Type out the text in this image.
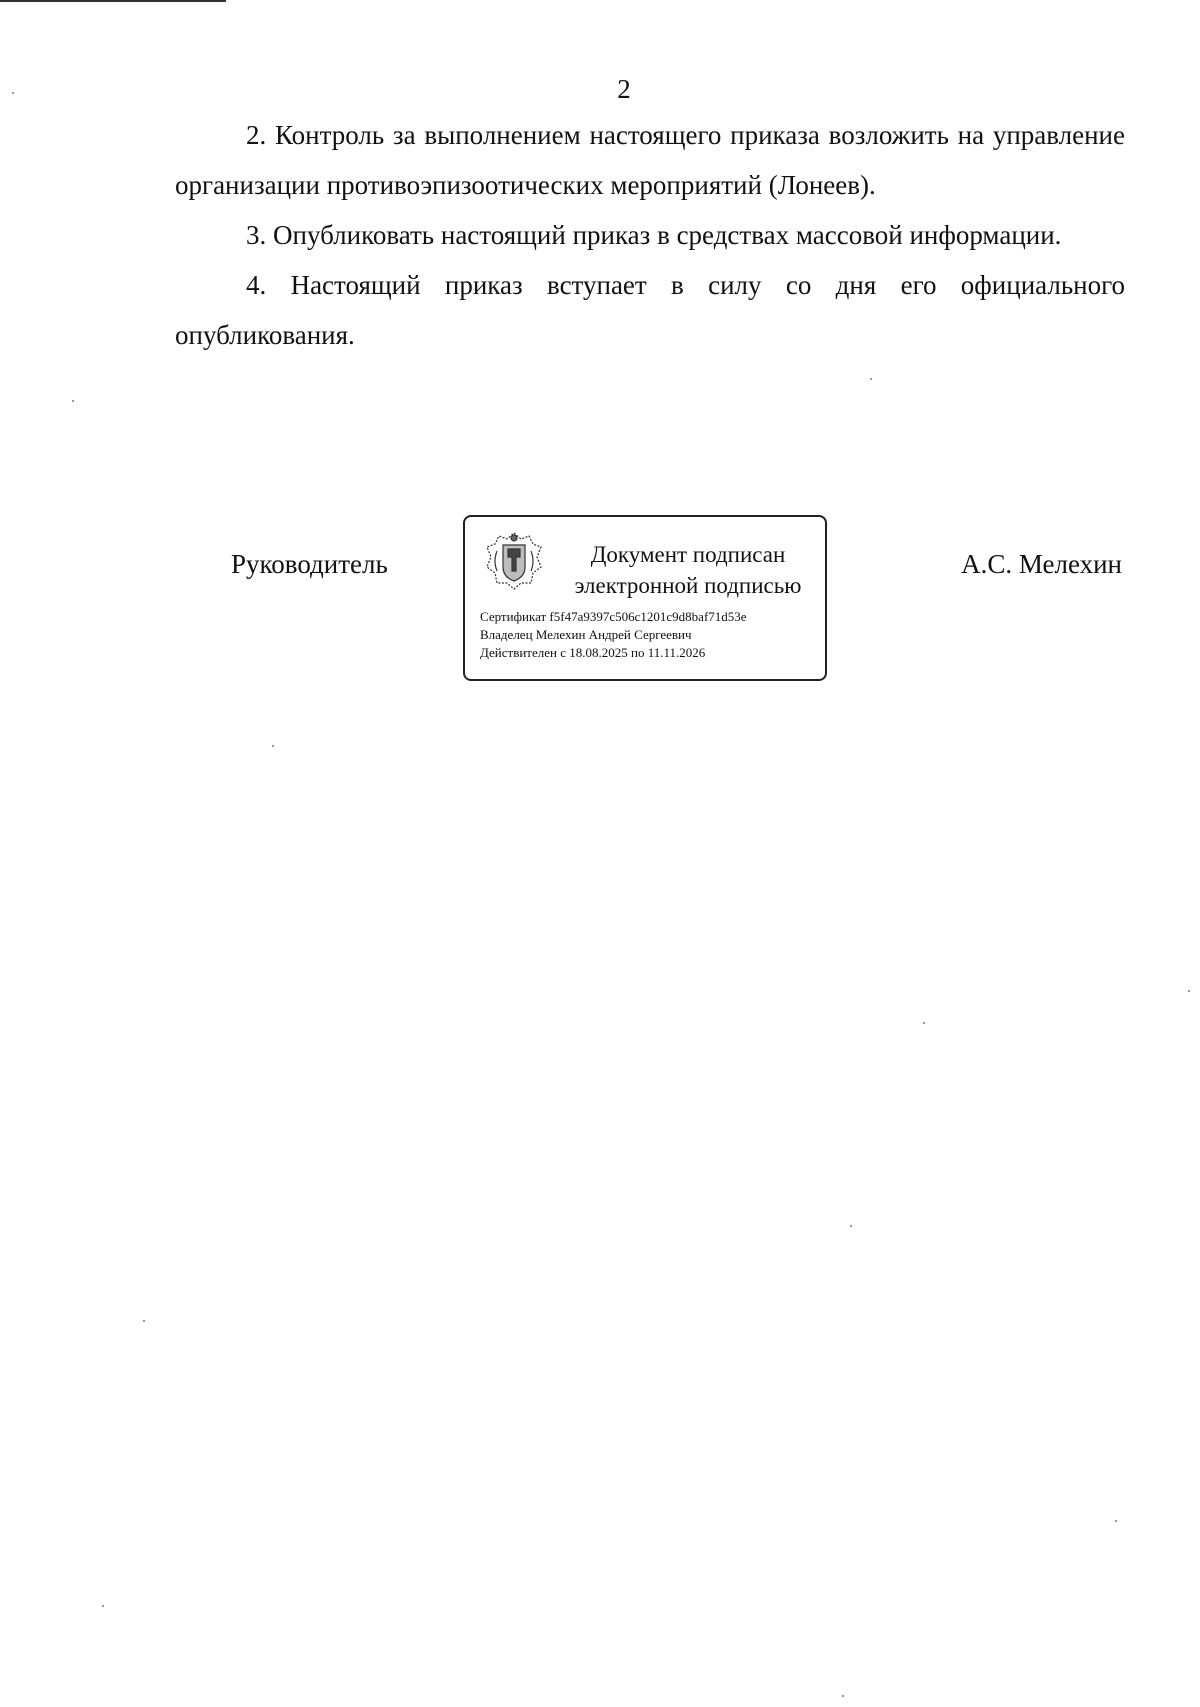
2

2. Контроль за выполнением настоящего приказа возложить на управление организации противоэпизоотических мероприятий (Лонеев).

3. Опубликовать настоящий приказ в средствах массовой информации.

4. Настоящий приказ вступает в силу со дня его официального опубликования.

Руководитель	Документ подписан
электронной подписью
Сертификат f5f47a9397c506c1201c9d8baf71d53e
Владелец Мелехин Андрей Сергеевич
Действителен с 18.08.2025 по 11.11.2026
А.С. Мелехин
